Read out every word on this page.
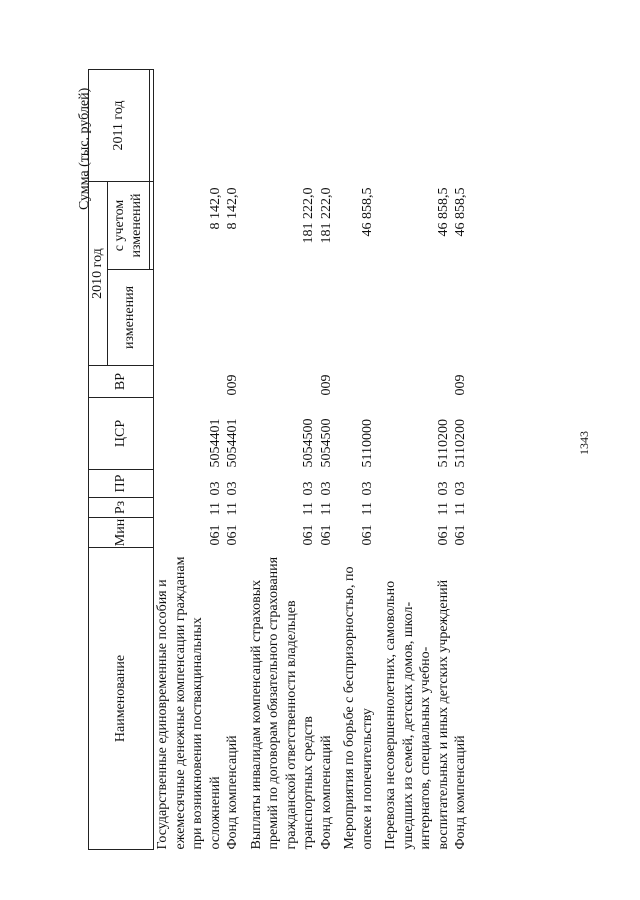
1343
Сумма (тыс. рублей)
Наименование	Мин	Рз	ПР	ЦСР	ВР	2010 год		2011 год
						изменения	с учетом изменений	

Государственные единовременные пособия и ежемесячные денежные компенсации гражданам при возникновении поствакцинальных осложнений	061	11	03	5054401			8 142,0	
Фонд компенсаций	061	11	03	5054401	009		8 142,0	
Выплаты инвалидам компенсаций страховых премий по договорам обязательного страхования гражданской ответственности владельцев транспортных средств	061	11	03	5054500			181 222,0	
Фонд компенсаций	061	11	03	5054500	009		181 222,0	
Мероприятия по борьбе с беспризорностью, по опеке и попечительству	061	11	03	5110000			46 858,5	
Перевозка несовершеннолетних, самовольно ушедших из семей, детских домов, школ-интернатов, специальных учебно-воспитательных и иных детских учреждений	061	11	03	5110200			46 858,5	
Фонд компенсаций	061	11	03	5110200	009		46 858,5	
